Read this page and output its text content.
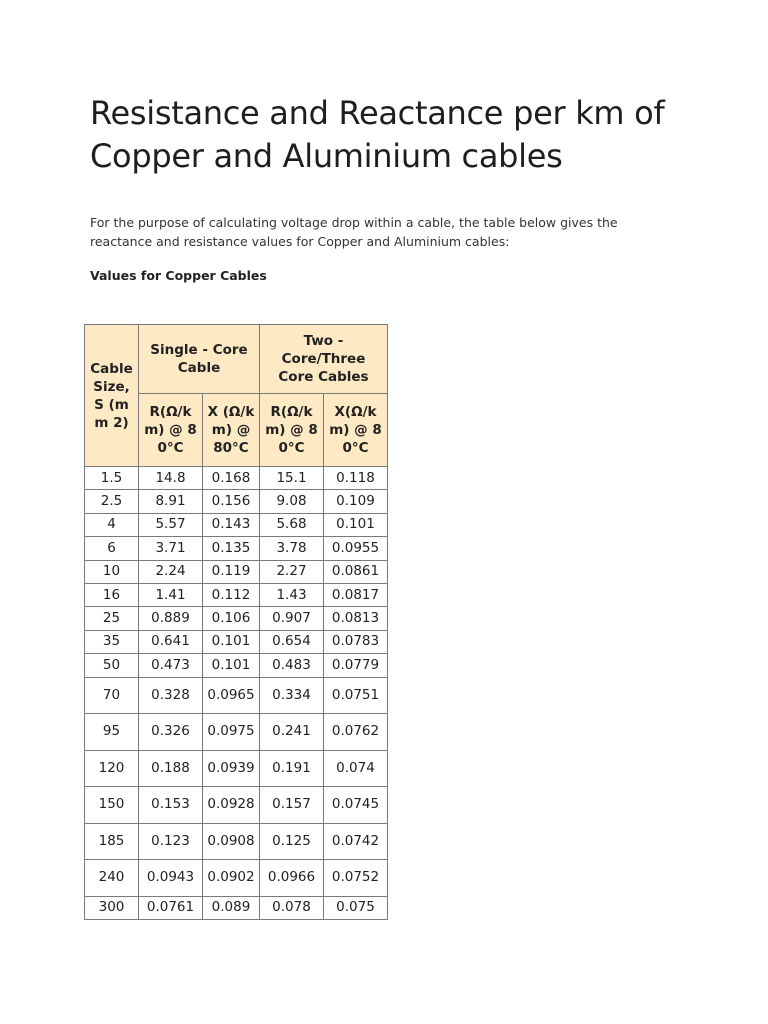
Resistance and Reactance per km of Copper and Aluminium cables

For the purpose of calculating voltage drop within a cable, the table below gives the reactance and resistance values for Copper and Aluminium cables:

Values for Copper Cables

Cable Size, S (mm 2)	Single - Core Cable		Two - Core/Three Core Cables	
	R(Ω/k m) @ 80°C	X (Ω/k m) @ 80°C	R(Ω/k m) @ 80°C	X(Ω/k m) @ 80°C
1.5	14.8	0.168	15.1	0.118
2.5	8.91	0.156	9.08	0.109
4	5.57	0.143	5.68	0.101
6	3.71	0.135	3.78	0.0955
10	2.24	0.119	2.27	0.0861
16	1.41	0.112	1.43	0.0817
25	0.889	0.106	0.907	0.0813
35	0.641	0.101	0.654	0.0783
50	0.473	0.101	0.483	0.0779
70	0.328	0.0965	0.334	0.0751
95	0.326	0.0975	0.241	0.0762
120	0.188	0.0939	0.191	0.074
150	0.153	0.0928	0.157	0.0745
185	0.123	0.0908	0.125	0.0742
240	0.0943	0.0902	0.0966	0.0752
300	0.0761	0.089	0.078	0.075
